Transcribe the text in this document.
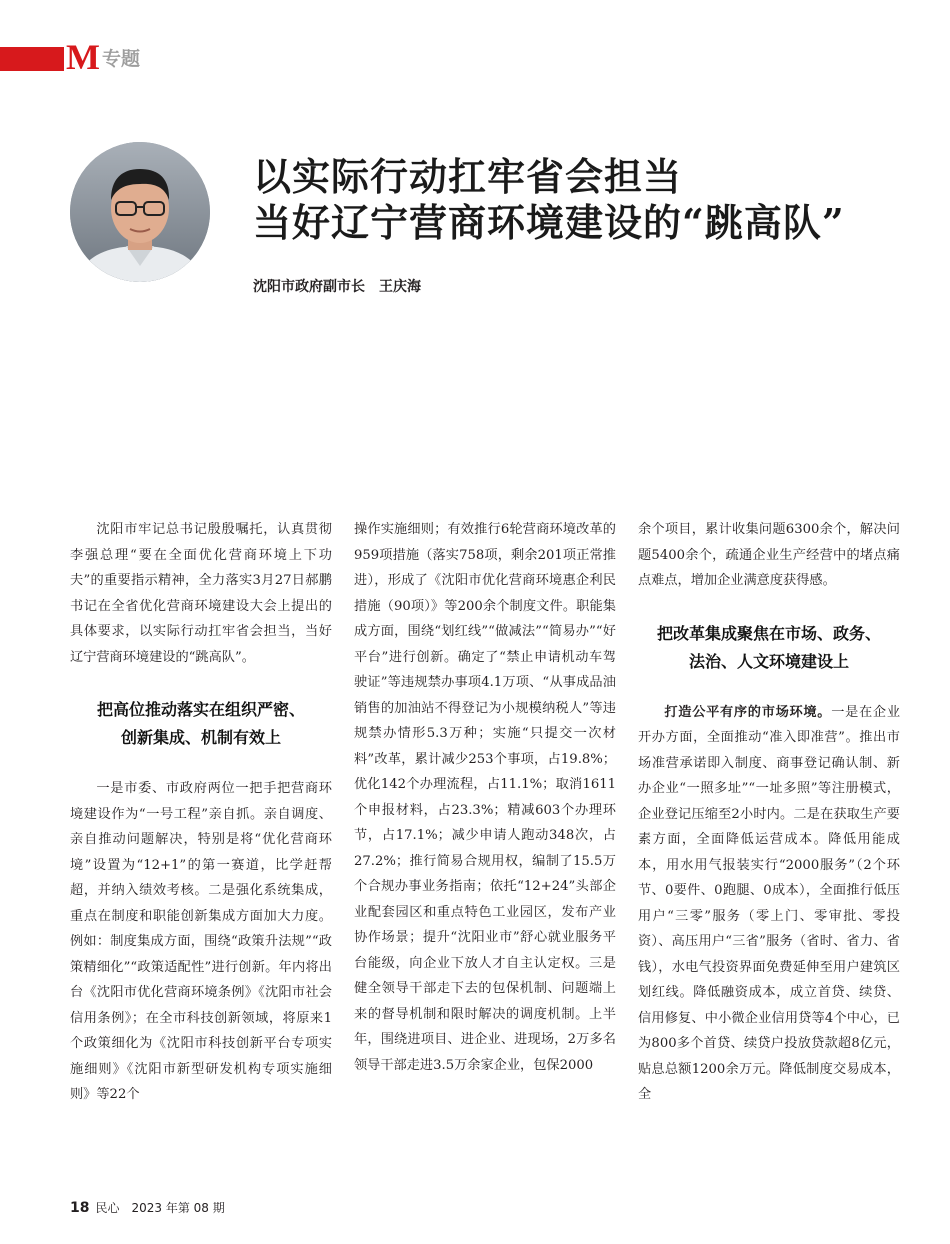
M 专题
以实际行动扛牢省会担当
当好辽宁营商环境建设的“跳高队”
沈阳市政府副市长 王庆海

沈阳市牢记总书记殷殷嘱托，认真贯彻李强总理“要在全面优化营商环境上下功夫”的重要指示精神，全力落实3月27日郝鹏书记在全省优化营商环境建设大会上提出的具体要求，以实际行动扛牢省会担当，当好辽宁营商环境建设的“跳高队”。

把高位推动落实在组织严密、
创新集成、机制有效上

一是市委、市政府两位一把手把营商环境建设作为“一号工程”亲自抓。亲自调度、亲自推动问题解决，特别是将“优化营商环境”设置为“12+1”的第一赛道，比学赶帮超，并纳入绩效考核。二是强化系统集成，重点在制度和职能创新集成方面加大力度。例如：制度集成方面，围绕“政策升法规”“政策精细化”“政策适配性”进行创新。年内将出台《沈阳市优化营商环境条例》《沈阳市社会信用条例》；在全市科技创新领域，将原来1个政策细化为《沈阳市科技创新平台专项实施细则》《沈阳市新型研发机构专项实施细则》等22个

操作实施细则；有效推行6轮营商环境改革的959项措施（落实758项，剩余201项正常推进），形成了《沈阳市优化营商环境惠企利民措施（90项）》等200余个制度文件。职能集成方面，围绕“划红线”“做减法”“简易办”“好平台”进行创新。确定了“禁止申请机动车驾驶证”等违规禁办事项4.1万项、“从事成品油销售的加油站不得登记为小规模纳税人”等违规禁办情形5.3万种；实施“只提交一次材料”改革，累计减少253个事项，占19.8%；优化142个办理流程，占11.1%；取消1611个申报材料，占23.3%；精减603个办理环节，占17.1%；减少申请人跑动348次，占27.2%；推行简易合规用权，编制了15.5万个合规办事业务指南；依托“12+24”头部企业配套园区和重点特色工业园区，发布产业协作场景；提升“沈阳业市”舒心就业服务平台能级，向企业下放人才自主认定权。三是健全领导干部走下去的包保机制、问题端上来的督导机制和限时解决的调度机制。上半年，围绕进项目、进企业、进现场，2万多名领导干部走进3.5万余家企业，包保2000

余个项目，累计收集问题6300余个，解决问题5400余个，疏通企业生产经营中的堵点痛点难点，增加企业满意度获得感。

把改革集成聚焦在市场、政务、
法治、人文环境建设上

打造公平有序的市场环境。一是在企业开办方面，全面推动“准入即准营”。推出市场准营承诺即入制度、商事登记确认制、新办企业“一照多址”“一址多照”等注册模式，企业登记压缩至2小时内。二是在获取生产要素方面，全面降低运营成本。降低用能成本，用水用气报装实行“2000服务”（2个环节、0要件、0跑腿、0成本），全面推行低压用户“三零”服务（零上门、零审批、零投资）、高压用户“三省”服务（省时、省力、省钱），水电气投资界面免费延伸至用户建筑区划红线。降低融资成本，成立首贷、续贷、信用修复、中小微企业信用贷等4个中心，已为800多个首贷、续贷户投放贷款超8亿元，贴息总额1200余万元。降低制度交易成本，全

18 民心 2023 年第 08 期
